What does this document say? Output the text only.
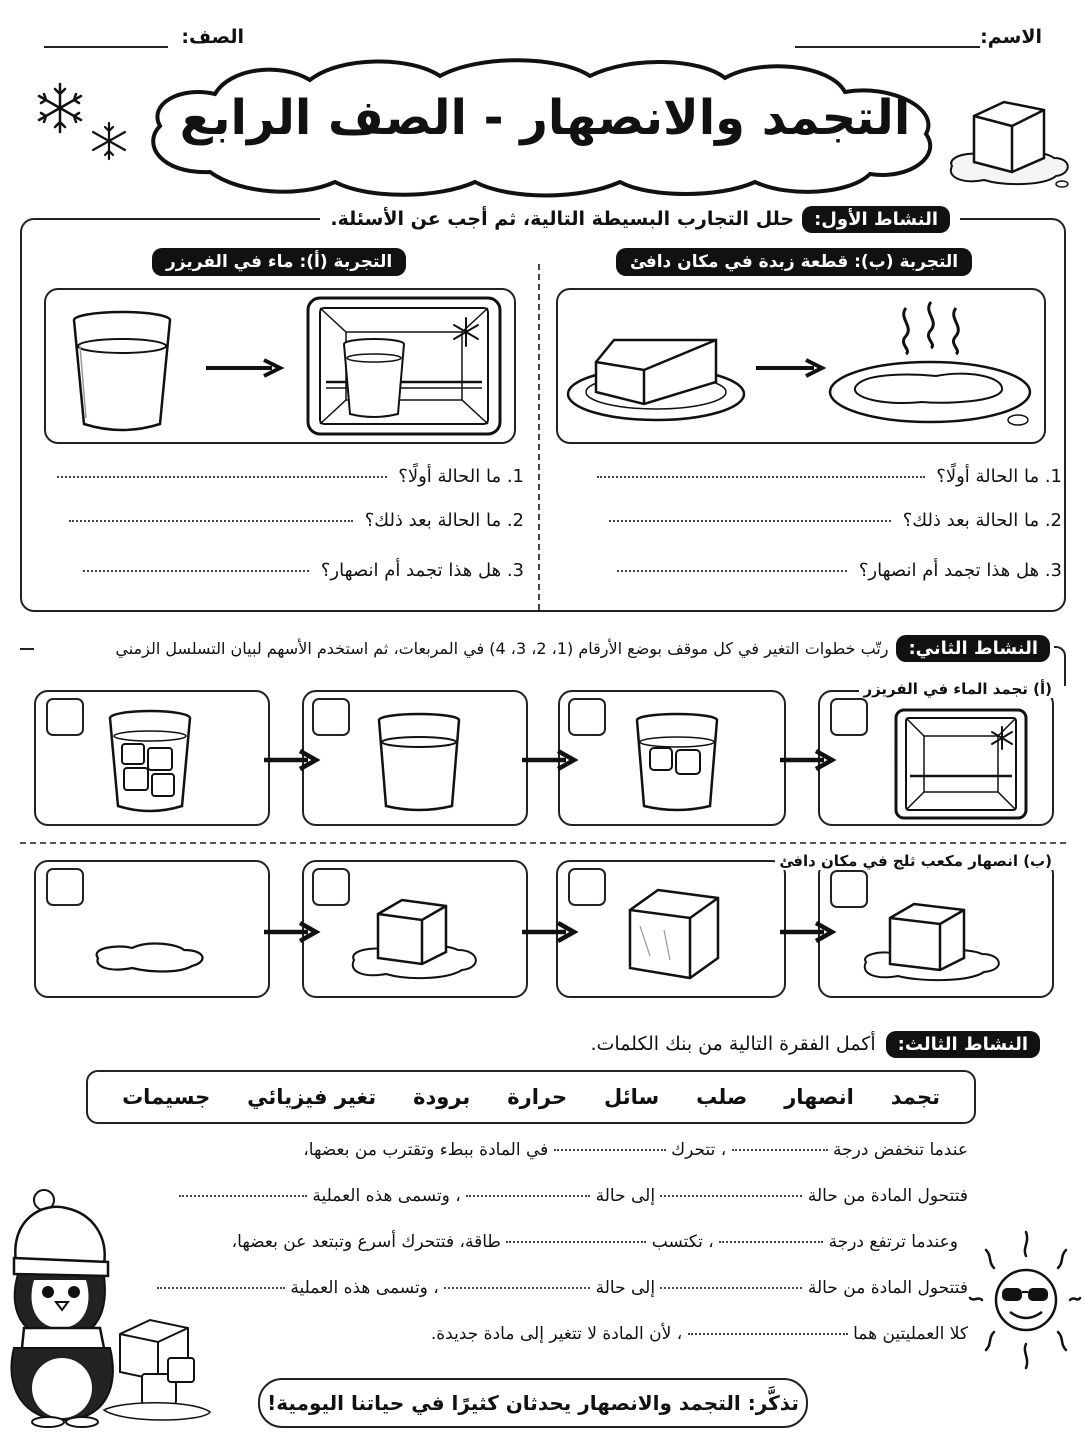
الاسم:
الصف:
التجمد والانصهار - الصف الرابع
النشاط الأول:
حلل التجارب البسيطة التالية، ثم أجب عن الأسئلة.
التجربة (ب): قطعة زبدة في مكان دافئ
1. ما الحالة أولًا؟
2. ما الحالة بعد ذلك؟
3. هل هذا تجمد أم انصهار؟
التجربة (أ): ماء في الفريزر
1. ما الحالة أولًا؟
2. ما الحالة بعد ذلك؟
3. هل هذا تجمد أم انصهار؟
النشاط الثاني:
رتّب خطوات التغير في كل موقف بوضع الأرقام (1، 2، 3، 4) في المربعات، ثم استخدم الأسهم لبيان التسلسل الزمني
(أ) تجمد الماء في الفريزر
(ب) انصهار مكعب ثلج في مكان دافئ
النشاط الثالث:
أكمل الفقرة التالية من بنك الكلمات.
تجمد
انصهار
صلب
سائل
حرارة
برودة
تغير فيزيائي
جسيمات
عندما تنخفض درجة  ، تتحرك  في المادة ببطء وتقترب من بعضها،
فتتحول المادة من حالة  إلى حالة  ، وتسمى هذه العملية
وعندما ترتفع درجة  ، تكتسب  طاقة، فتتحرك أسرع وتبتعد عن بعضها،
فتتحول المادة من حالة  إلى حالة  ، وتسمى هذه العملية
كلا العمليتين هما  ، لأن المادة لا تتغير إلى مادة جديدة.
تذكَّر: التجمد والانصهار يحدثان كثيرًا في حياتنا اليومية!
